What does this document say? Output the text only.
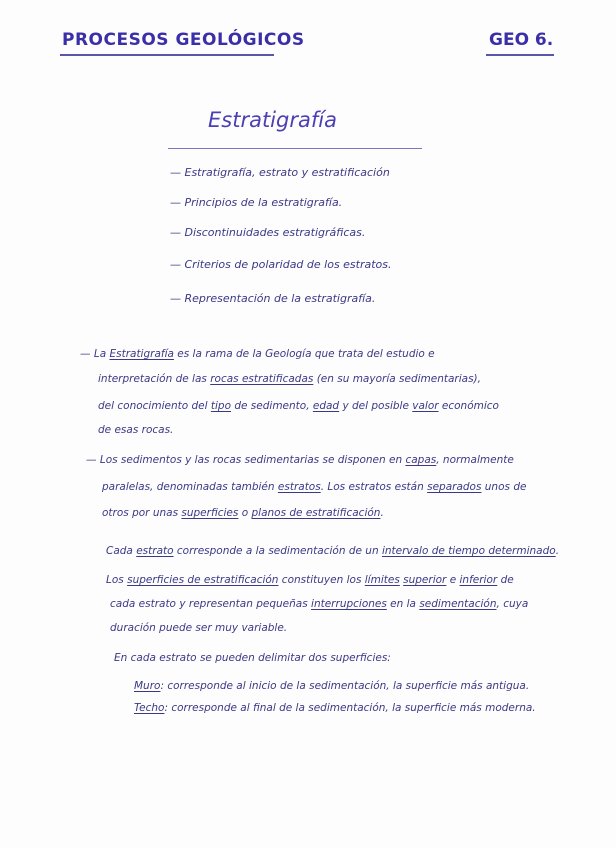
PROCESOS GEOLÓGICOS	GEO 6.
Estratigrafía
— Estratigrafía, estrato y estratificación
— Principios de la estratigrafía.
— Discontinuidades estratigráficas.
— Criterios de polaridad de los estratos.
— Representación de la estratigrafía.
— La Estratigrafía es la rama de la Geología que trata del estudio e
interpretación de las rocas estratificadas (en su mayoría sedimentarias),
del conocimiento del tipo de sedimento, edad y del posible valor económico
de esas rocas.
— Los sedimentos y las rocas sedimentarias se disponen en capas, normalmente
paralelas, denominadas también estratos. Los estratos están separados unos de
otros por unas superficies o planos de estratificación.
Cada estrato corresponde a la sedimentación de un intervalo de tiempo determinado.
Los superficies de estratificación constituyen los límites superior e inferior de
cada estrato y representan pequeñas interrupciones en la sedimentación, cuya
duración puede ser muy variable.
En cada estrato se pueden delimitar dos superficies:
Muro: corresponde al inicio de la sedimentación, la superficie más antigua.
Techo: corresponde al final de la sedimentación, la superficie más moderna.
